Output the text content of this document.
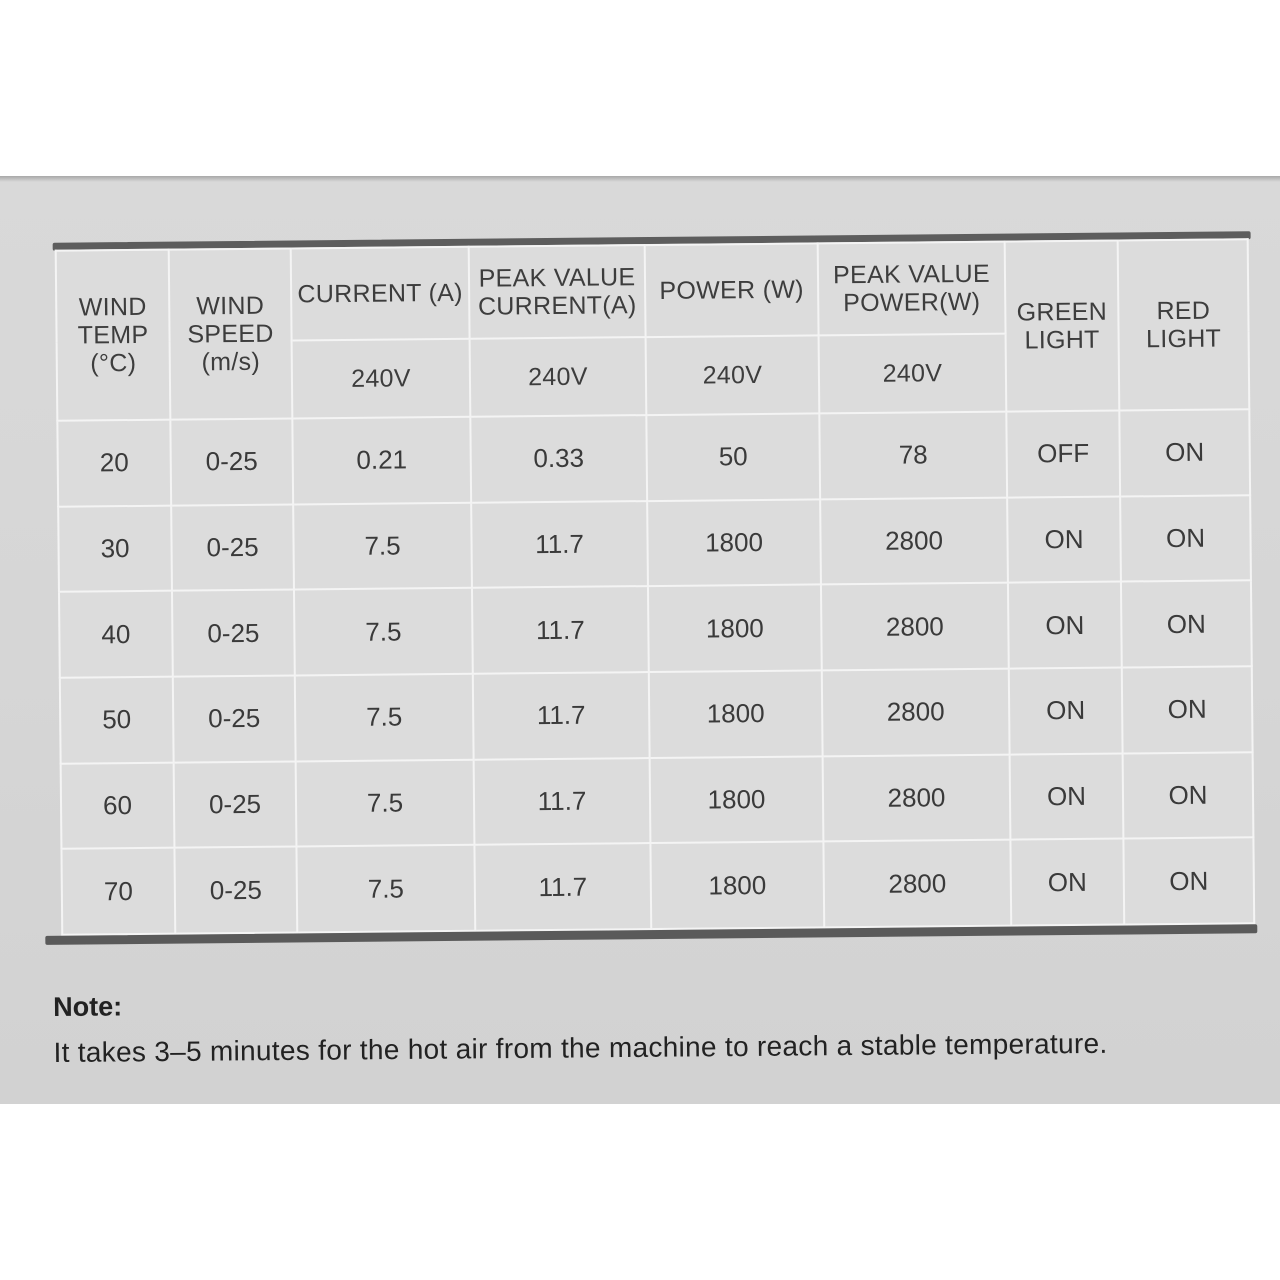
WIND TEMP (°C)	WIND SPEED (m/s)	CURRENT (A)	PEAK VALUE CURRENT(A)	POWER (W)	PEAK VALUE POWER(W)	GREEN LIGHT	RED LIGHT
		240V	240V	240V	240V		
20	0-25	0.21	0.33	50	78	OFF	ON
30	0-25	7.5	11.7	1800	2800	ON	ON
40	0-25	7.5	11.7	1800	2800	ON	ON
50	0-25	7.5	11.7	1800	2800	ON	ON
60	0-25	7.5	11.7	1800	2800	ON	ON
70	0-25	7.5	11.7	1800	2800	ON	ON

Note:

It takes 3–5 minutes for the hot air from the machine to reach a stable temperature.
